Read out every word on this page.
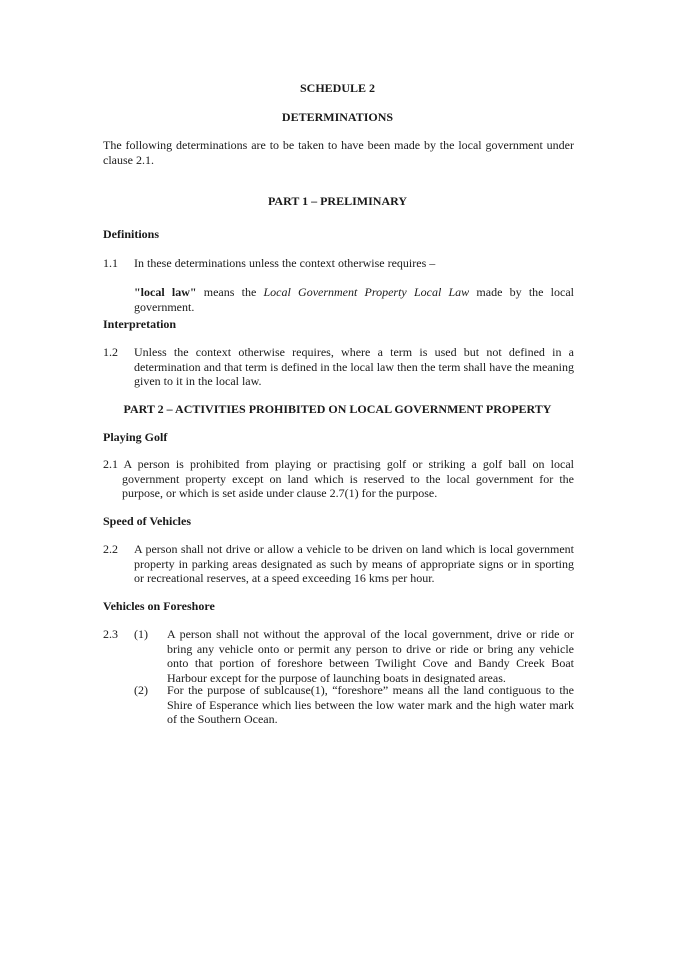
SCHEDULE 2
DETERMINATIONS
The following determinations are to be taken to have been made by the local government under clause 2.1.
PART 1 – PRELIMINARY
Definitions
1.1 In these determinations unless the context otherwise requires –
"local law" means the Local Government Property Local Law made by the local government.
Interpretation
1.2 Unless the context otherwise requires, where a term is used but not defined in a determination and that term is defined in the local law then the term shall have the meaning given to it in the local law.
PART 2 – ACTIVITIES PROHIBITED ON LOCAL GOVERNMENT PROPERTY
Playing Golf
2.1 A person is prohibited from playing or practising golf or striking a golf ball on local government property except on land which is reserved to the local government for the purpose, or which is set aside under clause 2.7(1) for the purpose.
Speed of Vehicles
2.2 A person shall not drive or allow a vehicle to be driven on land which is local government property in parking areas designated as such by means of appropriate signs or in sporting or recreational reserves, at a speed exceeding 16 kms per hour.
Vehicles on Foreshore
2.3 (1) A person shall not without the approval of the local government, drive or ride or bring any vehicle onto or permit any person to drive or ride or bring any vehicle onto that portion of foreshore between Twilight Cove and Bandy Creek Boat Harbour except for the purpose of launching boats in designated areas.
(2) For the purpose of sublcause(1), “foreshore” means all the land contiguous to the Shire of Esperance which lies between the low water mark and the high water mark of the Southern Ocean.
